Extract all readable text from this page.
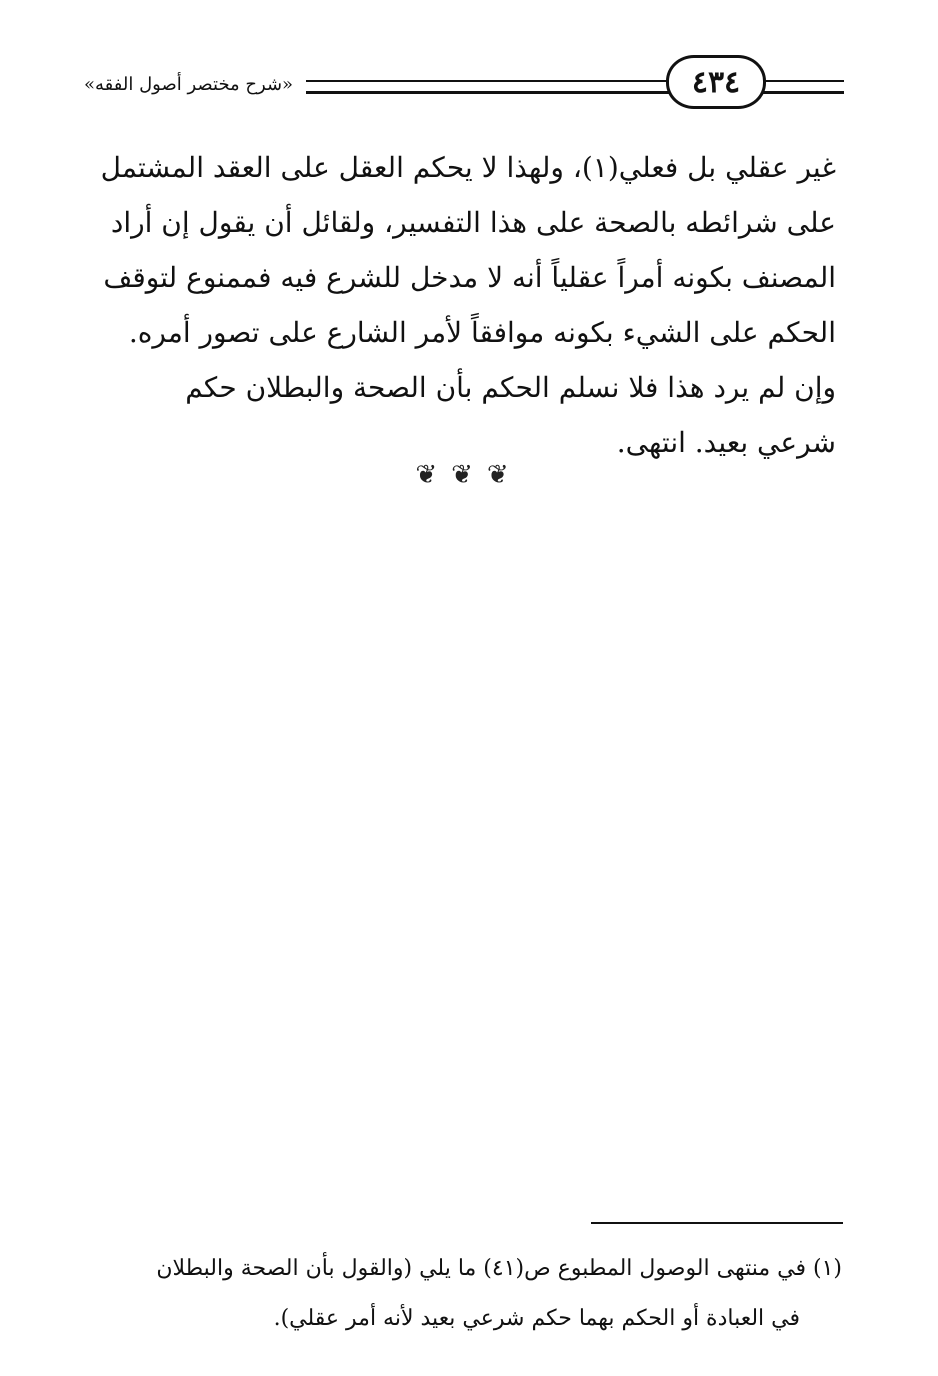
«شرح مختصر أصول الفقه»	٤٣٤

غير عقلي بل فعلي(١)، ولهذا لا يحكم العقل على العقد المشتمل

على شرائطه بالصحة على هذا التفسير، ولقائل أن يقول إن أراد

المصنف بكونه أمراً عقلياً أنه لا مدخل للشرع فيه فممنوع لتوقف

الحكم على الشيء بكونه موافقاً لأمر الشارع على تصور أمره.

وإن لم يرد هذا فلا نسلم الحكم بأن الصحة والبطلان حكم

شرعي بعيد. انتهى.

❦❦❦

(١) في منتهى الوصول المطبوع ص(٤١) ما يلي (والقول بأن الصحة والبطلان

في العبادة أو الحكم بهما حكم شرعي بعيد لأنه أمر عقلي).
